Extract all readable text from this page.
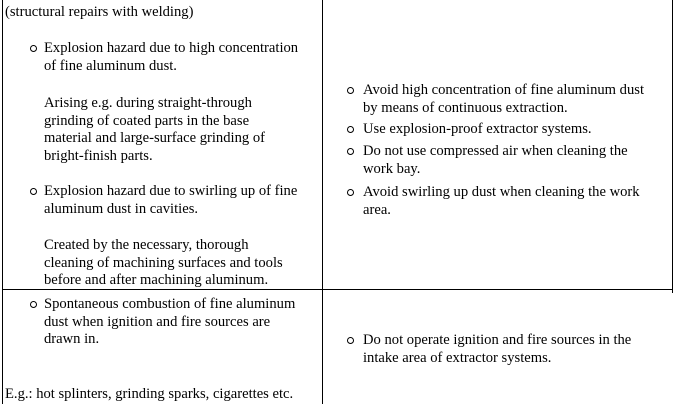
(structural repairs with welding)
Explosion hazard due to high concentration
of fine aluminum dust.
Arising e.g. during straight-through
grinding of coated parts in the base
material and large-surface grinding of
bright-finish parts.
Explosion hazard due to swirling up of fine
aluminum dust in cavities.
Created by the necessary, thorough
cleaning of machining surfaces and tools
before and after machining aluminum.
Avoid high concentration of fine aluminum dust
by means of continuous extraction.
Use explosion-proof extractor systems.
Do not use compressed air when cleaning the
work bay.
Avoid swirling up dust when cleaning the work
area.
Spontaneous combustion of fine aluminum
dust when ignition and fire sources are
drawn in.
E.g.: hot splinters, grinding sparks, cigarettes etc.
Do not operate ignition and fire sources in the
intake area of extractor systems.
